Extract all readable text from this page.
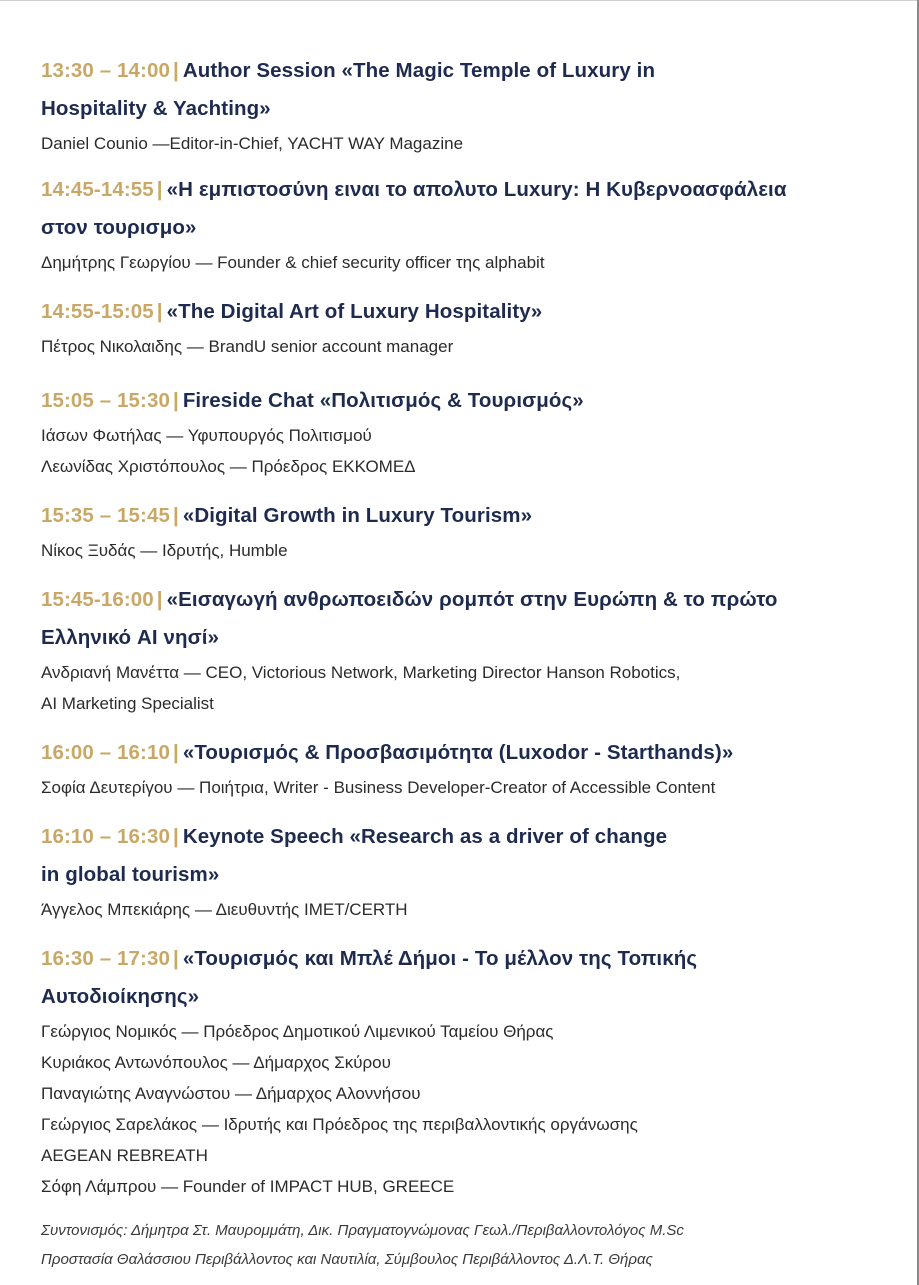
13:30 – 14:00 | Author Session «The Magic Temple of Luxury in
Hospitality & Yachting»
Daniel Counio —Editor-in-Chief, YACHT WAY Magazine
14:45-14:55 | «Η εμπιστοσύνη ειναι το απολυτο Luxury: Η Κυβερνοασφάλεια
στον τουρισμο»
Δημήτρης Γεωργίου — Founder & chief security officer της alphabit
14:55-15:05 | «The Digital Art of Luxury Hospitality»
Πέτρος Νικολαιδης — BrandU senior account manager
15:05 – 15:30 | Fireside Chat «Πολιτισμός & Τουρισμός»
Ιάσων Φωτήλας — Υφυπουργός Πολιτισμού
Λεωνίδας Χριστόπουλος — Πρόεδρος ΕΚΚΟΜΕΔ
15:35 – 15:45 | «Digital Growth in Luxury Tourism»
Νίκος Ξυδάς — Ιδρυτής, Humble
15:45-16:00 | «Εισαγωγή ανθρωποειδών ρομπότ στην Ευρώπη & το πρώτο
Ελληνικό AI νησί»
Ανδριανή Μανέττα — CEO, Victorious Network, Marketing Director Hanson Robotics,
AI Marketing Specialist
16:00 – 16:10 | «Τουρισμός & Προσβασιμότητα (Luxodor - Starthands)»
Σοφία Δευτερίγου — Ποιήτρια, Writer - Business Developer-Creator of Accessible Content
16:10 – 16:30 | Keynote Speech «Research as a driver of change
in global tourism»
Άγγελος Μπεκιάρης — Διευθυντής IMET/CERTH
16:30 – 17:30 | «Τουρισμός και Μπλέ Δήμοι - Το μέλλον της Τοπικής
Αυτοδιοίκησης»
Γεώργιος Νομικός — Πρόεδρος Δημοτικού Λιμενικού Ταμείου Θήρας
Κυριάκος Αντωνόπουλος — Δήμαρχος Σκύρου
Παναγιώτης Αναγνώστου — Δήμαρχος Αλοννήσου
Γεώργιος Σαρελάκος — Ιδρυτής και Πρόεδρος της περιβαλλοντικής οργάνωσης
AEGEAN REBREATH
Σόφη Λάμπρου — Founder of IMPACT HUB, GREECE
Συντονισμός: Δήμητρα Στ. Μαυρομμάτη, Δικ. Πραγματογνώμονας Γεωλ./Περιβαλλοντολόγος M.Sc
Προστασία Θαλάσσιου Περιβάλλοντος και Ναυτιλία, Σύμβουλος Περιβάλλοντος Δ.Λ.Τ. Θήρας
